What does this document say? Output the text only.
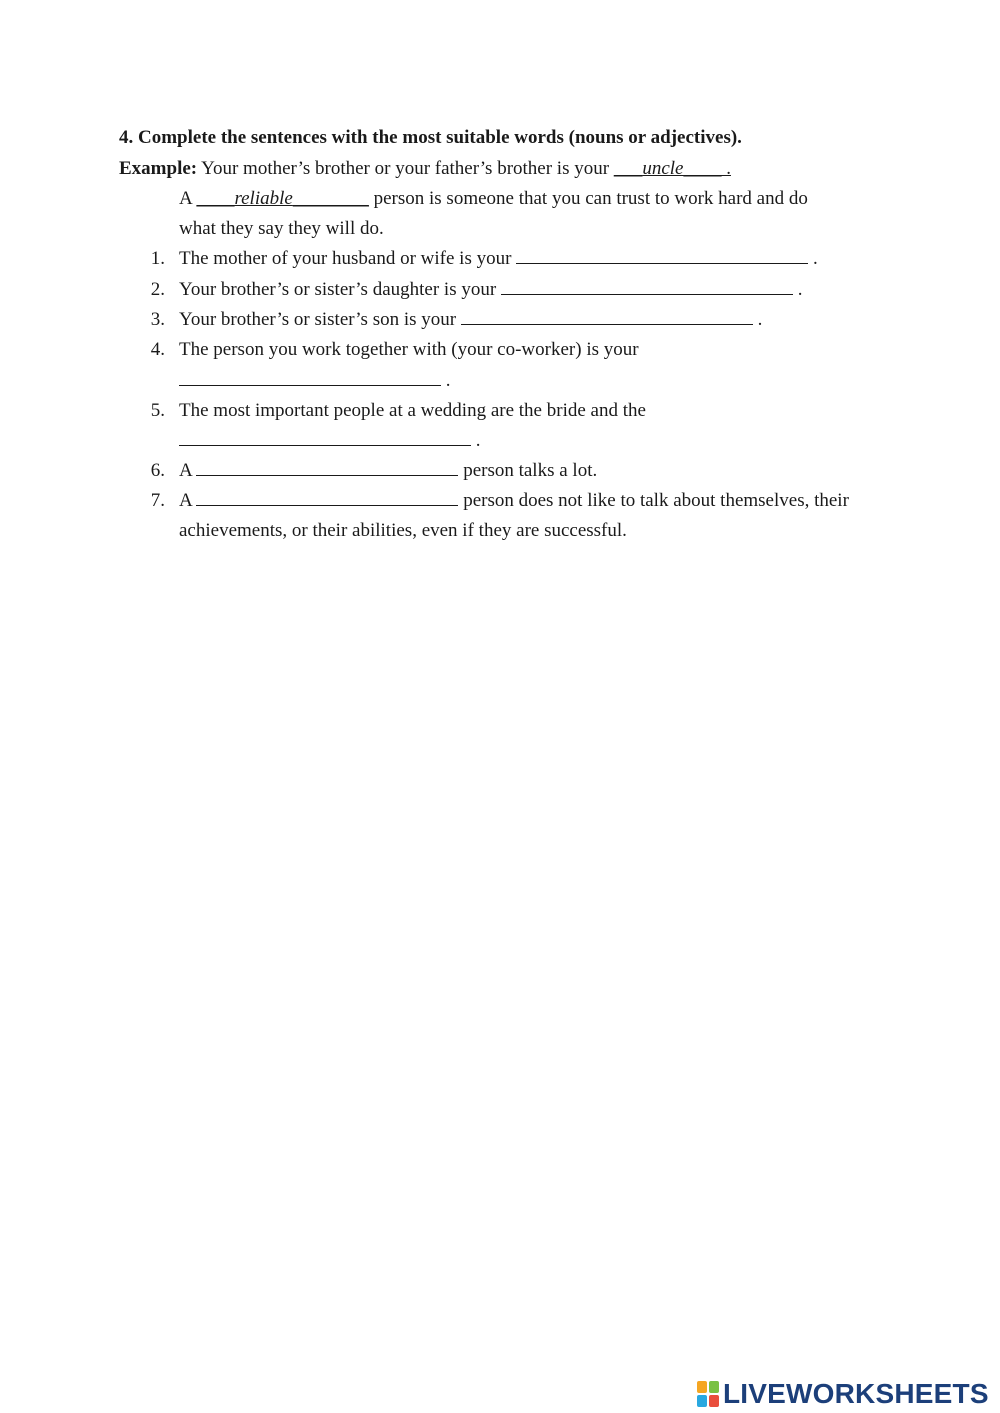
4. Complete the sentences with the most suitable words (nouns or adjectives).
Example: Your mother’s brother or your father’s brother is your ___uncle____ .
A ____reliable________ person is someone that you can trust to work hard and do
what they say they will do.
1. The mother of your husband or wife is your	.
2. Your brother’s or sister’s daughter is your	.
3. Your brother’s or sister’s son is your	.
4. The person you work together with (your co-worker) is your
.
5. The most important people at a wedding are the bride and the
.
6. A	person talks a lot.
7. A	person does not like to talk about themselves, their
achievements, or their abilities, even if they are successful.
LIVEWORKSHEETS
